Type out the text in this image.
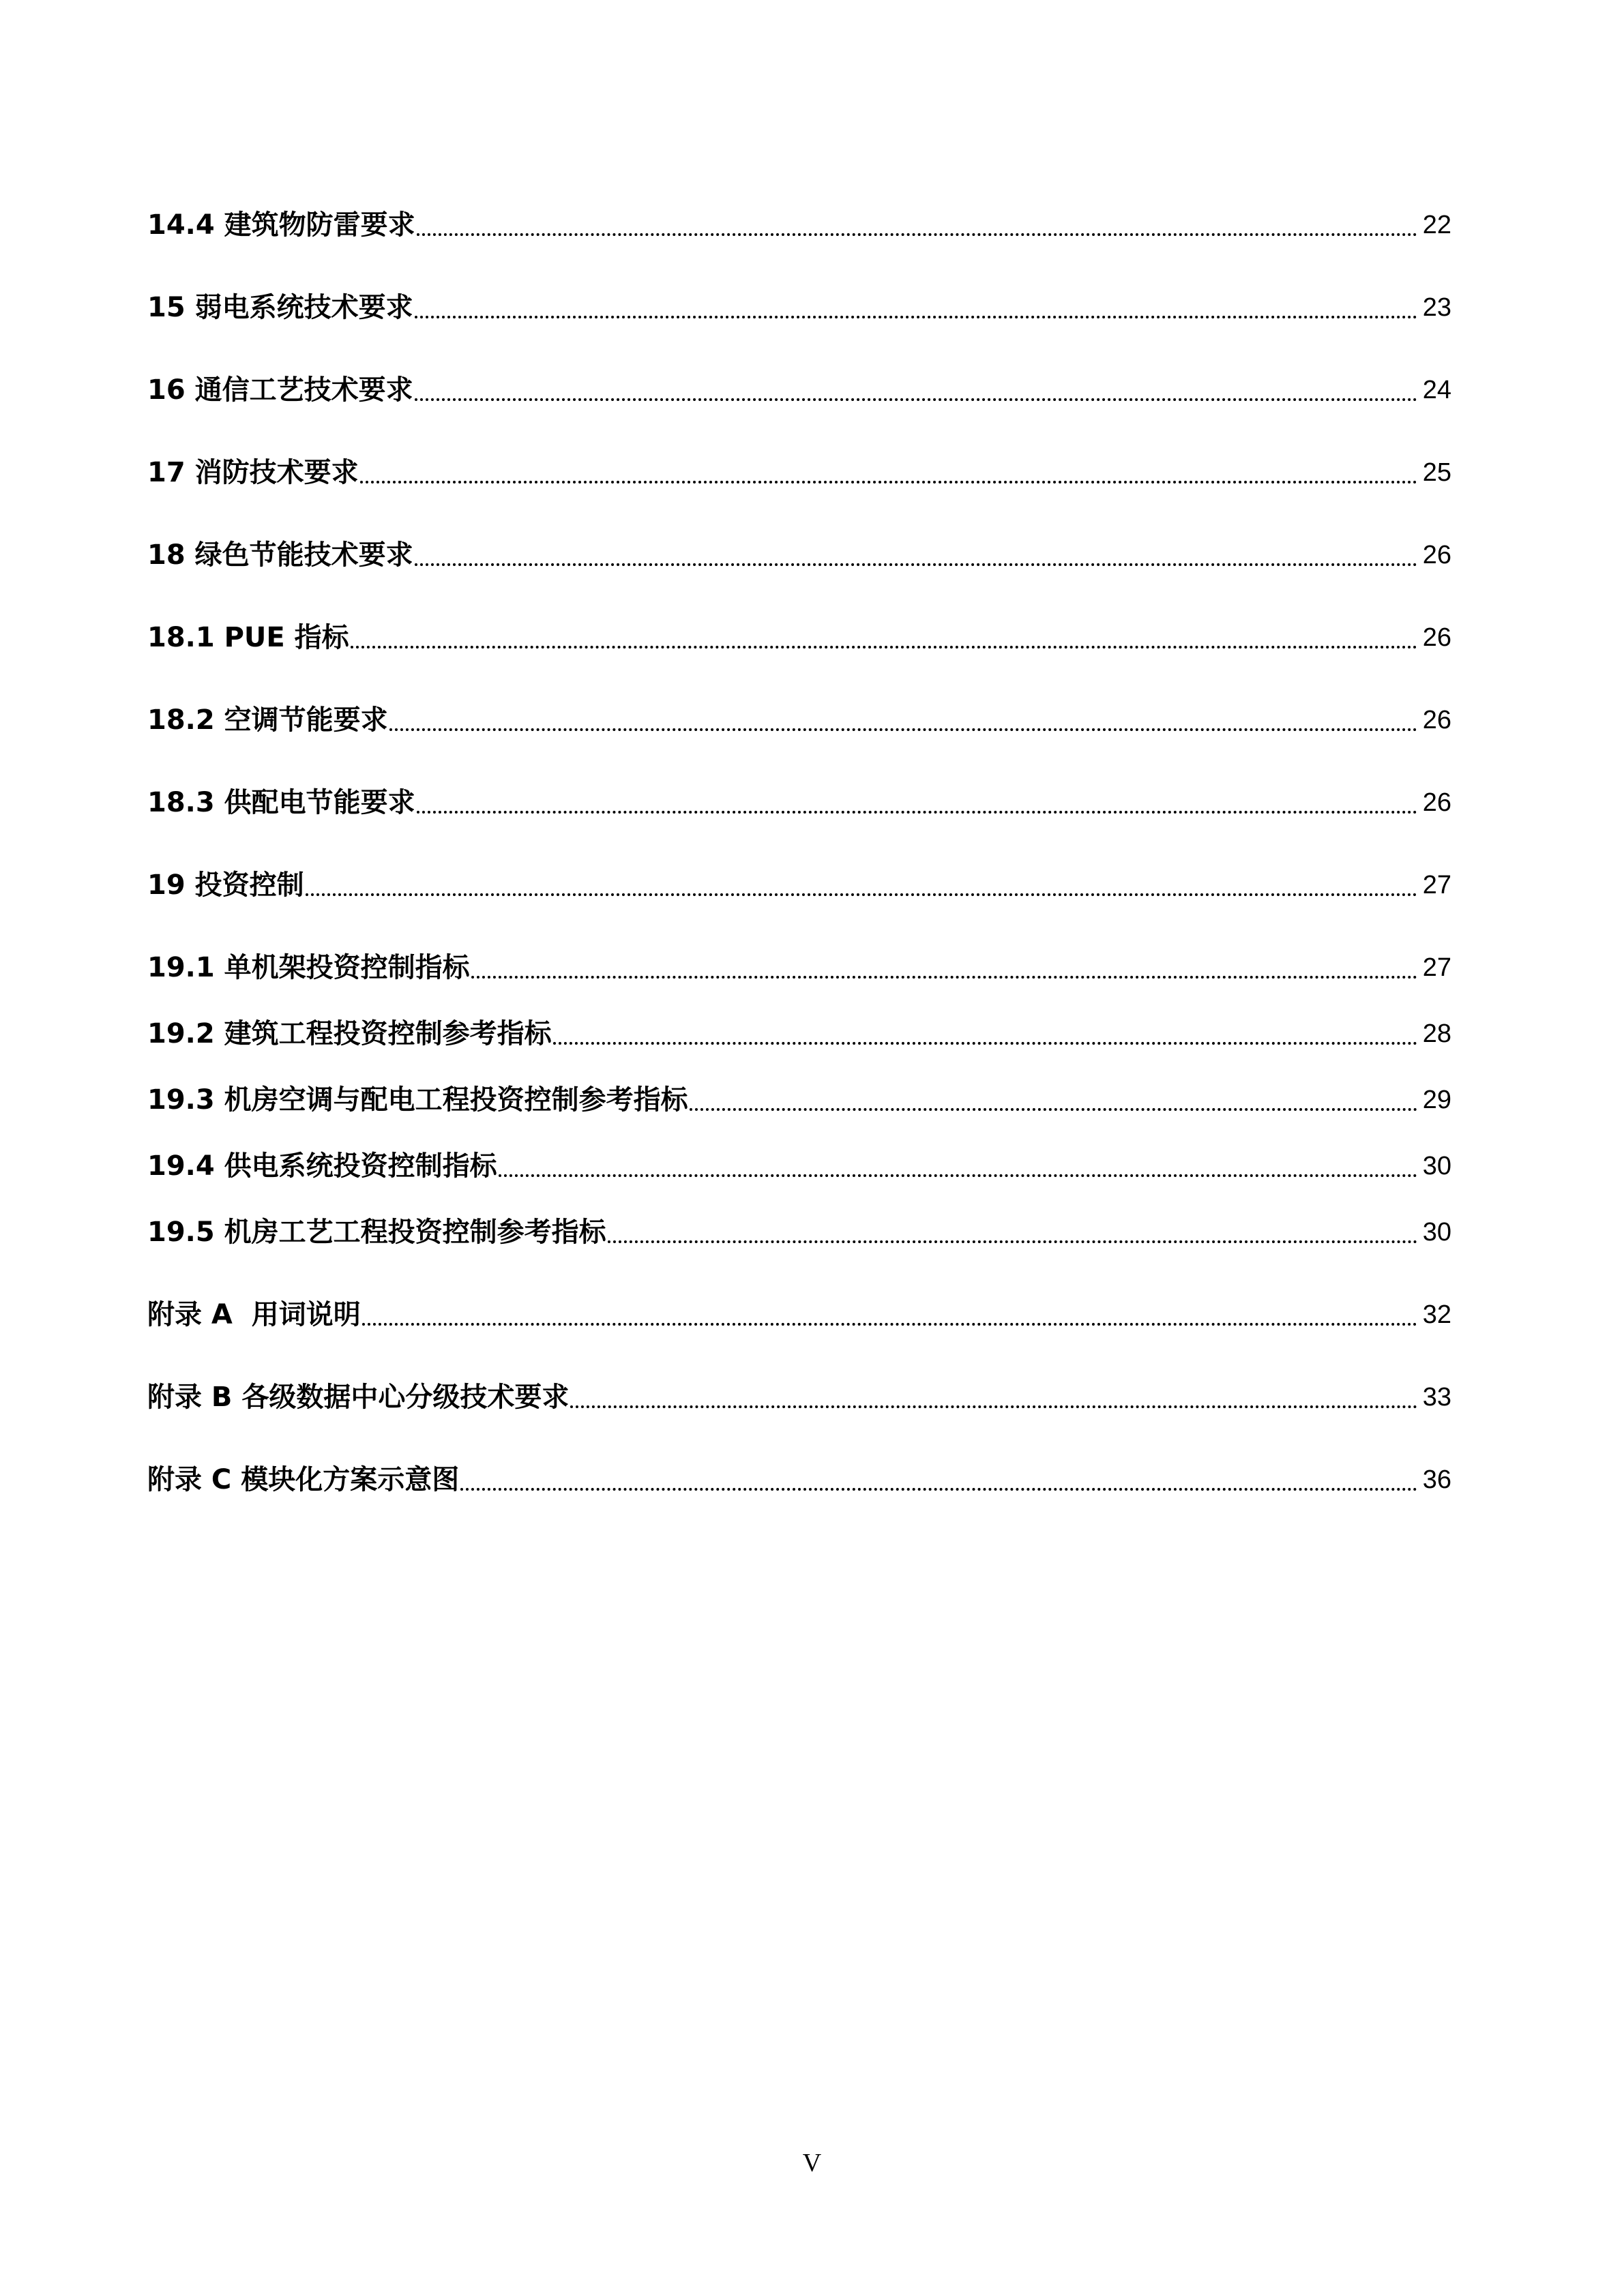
14.4 建筑物防雷要求	22
15 弱电系统技术要求	23
16 通信工艺技术要求	24
17 消防技术要求	25
18 绿色节能技术要求	26
18.1 PUE 指标	26
18.2 空调节能要求	26
18.3 供配电节能要求	26
19 投资控制	27
19.1 单机架投资控制指标	27
19.2 建筑工程投资控制参考指标	28
19.3 机房空调与配电工程投资控制参考指标	29
19.4 供电系统投资控制指标	30
19.5 机房工艺工程投资控制参考指标	30
附录 A  用词说明	32
附录 B 各级数据中心分级技术要求	33
附录 C 模块化方案示意图	36
V
